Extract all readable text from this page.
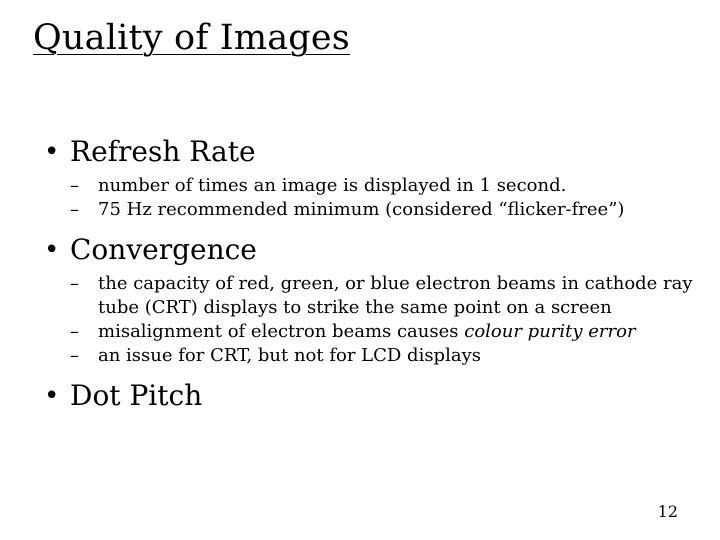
Quality of Images
• Refresh Rate
– number of times an image is displayed in 1 second.
– 75 Hz recommended minimum (considered “flicker-free”)
• Convergence
– the capacity of red, green, or blue electron beams in cathode ray tube (CRT) displays to strike the same point on a screen
– misalignment of electron beams causes colour purity error
– an issue for CRT, but not for LCD displays
• Dot Pitch
12
